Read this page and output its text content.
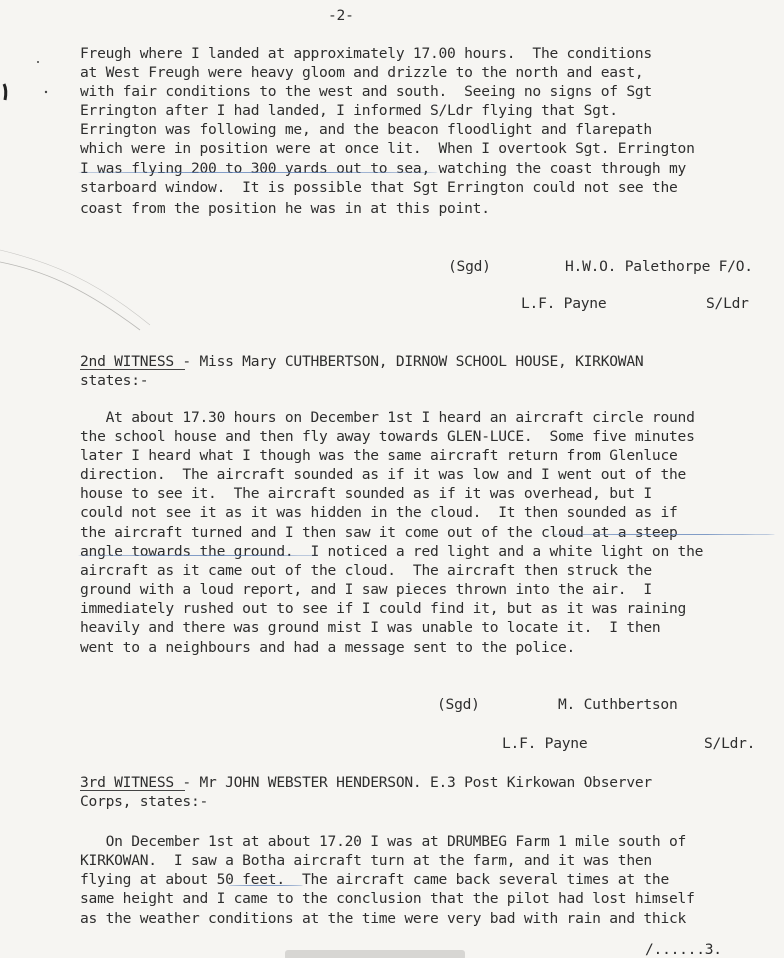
-2-
Freugh where I landed at approximately 17.00 hours.  The conditions
at West Freugh were heavy gloom and drizzle to the north and east,
with fair conditions to the west and south.  Seeing no signs of Sgt
Errington after I had landed, I informed S/Ldr flying that Sgt.
Errington was following me, and the beacon floodlight and flarepath
which were in position were at once lit.  When I overtook Sgt. Errington
I was flying 200 to 300 yards out to sea, watching the coast through my
starboard window.  It is possible that Sgt Errington could not see the
coast from the position he was in at this point.
(Sgd)	H.W.O. Palethorpe F/O.
L.F. Payne	S/Ldr
2nd WITNESS - Miss Mary CUTHBERTSON, DIRNOW SCHOOL HOUSE, KIRKOWAN
states:-
At about 17.30 hours on December 1st I heard an aircraft circle round
the school house and then fly away towards GLEN-LUCE.  Some five minutes
later I heard what I though was the same aircraft return from Glenluce
direction.  The aircraft sounded as if it was low and I went out of the
house to see it.  The aircraft sounded as if it was overhead, but I
could not see it as it was hidden in the cloud.  It then sounded as if
the aircraft turned and I then saw it come out of the cloud at a steep
angle towards the ground.  I noticed a red light and a white light on the
aircraft as it came out of the cloud.  The aircraft then struck the
ground with a loud report, and I saw pieces thrown into the air.  I
immediately rushed out to see if I could find it, but as it was raining
heavily and there was ground mist I was unable to locate it.  I then
went to a neighbours and had a message sent to the police.
(Sgd)	M. Cuthbertson
L.F. Payne	S/Ldr.
3rd WITNESS - Mr JOHN WEBSTER HENDERSON. E.3 Post Kirkowan Observer
Corps, states:-
On December 1st at about 17.20 I was at DRUMBEG Farm 1 mile south of
KIRKOWAN.  I saw a Botha aircraft turn at the farm, and it was then
flying at about 50 feet.  The aircraft came back several times at the
same height and I came to the conclusion that the pilot had lost himself
as the weather conditions at the time were very bad with rain and thick
/......3.
